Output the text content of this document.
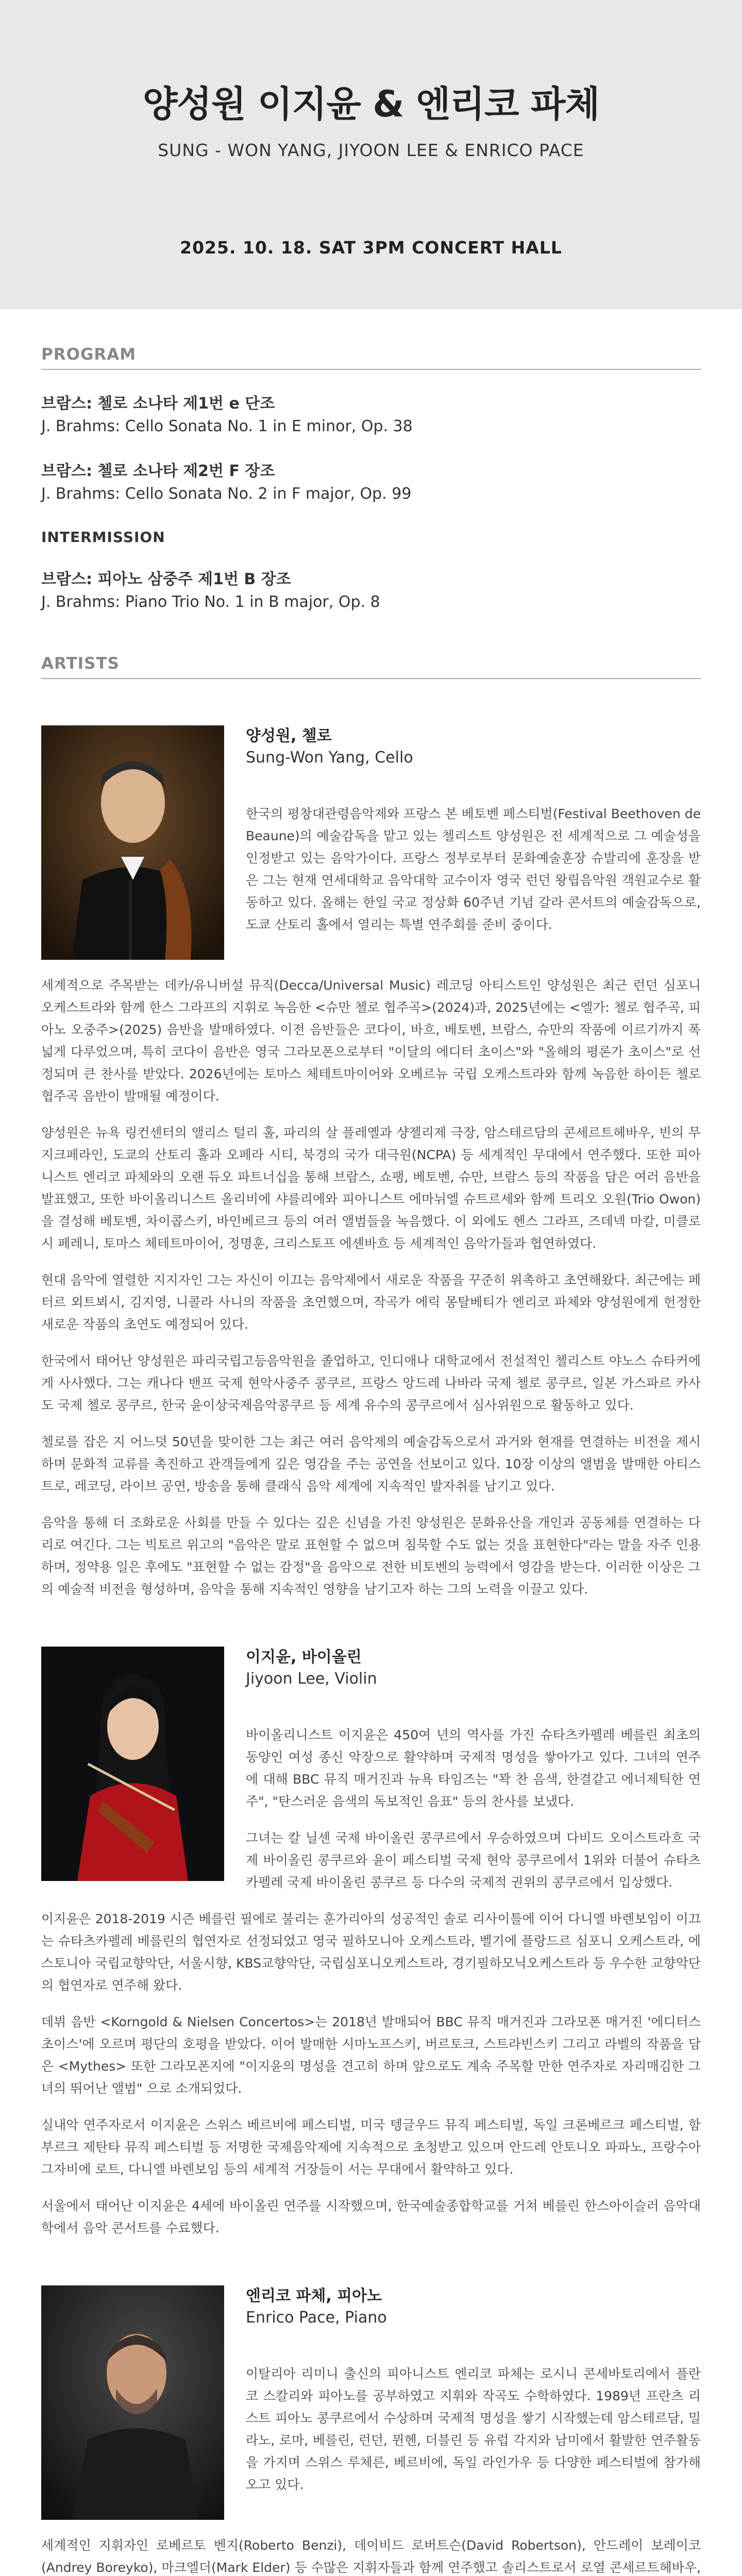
양성원 이지윤 & 엔리코 파체
SUNG - WON YANG, JIYOON LEE & ENRICO PACE
2025. 10. 18. SAT 3PM CONCERT HALL
PROGRAM
브람스: 첼로 소나타 제1번 e 단조
J. Brahms: Cello Sonata No. 1 in E minor, Op. 38
브람스: 첼로 소나타 제2번 F 장조
J. Brahms: Cello Sonata No. 2 in F major, Op. 99
INTERMISSION
브람스: 피아노 삼중주 제1번 B 장조
J. Brahms: Piano Trio No. 1 in B major, Op. 8
ARTISTS
양성원, 첼로
Sung-Won Yang, Cello

한국의 평창대관령음악제와 프랑스 본 베토벤 페스티벌(Festival Beethoven de Beaune)의 예술감독을 맡고 있는 첼리스트 양성원은 전 세계적으로 그 예술성을 인정받고 있는 음악가이다. 프랑스 정부로부터 문화예술훈장 슈발리에 훈장을 받은 그는 현재 연세대학교 음악대학 교수이자 영국 런던 왕립음악원 객원교수로 활동하고 있다. 올해는 한일 국교 정상화 60주년 기념 갈라 콘서트의 예술감독으로, 도쿄 산토리 홀에서 열리는 특별 연주회를 준비 중이다.

세계적으로 주목받는 데카/유니버설 뮤직(Decca/Universal Music) 레코딩 아티스트인 양성원은 최근 런던 심포니 오케스트라와 함께 한스 그라프의 지휘로 녹음한 <슈만 첼로 협주곡>(2024)과, 2025년에는 <엘가: 첼로 협주곡, 피아노 오중주>(2025) 음반을 발매하였다. 이전 음반들은 코다이, 바흐, 베토벤, 브람스, 슈만의 작품에 이르기까지 폭넓게 다루었으며, 특히 코다이 음반은 영국 그라모폰으로부터 "이달의 에디터 초이스"와 "올해의 평론가 초이스"로 선정되며 큰 찬사를 받았다. 2026년에는 토마스 체테트마이어와 오베르뉴 국립 오케스트라와 함께 녹음한 하이든 첼로 협주곡 음반이 발매될 예정이다.

양성원은 뉴욕 링컨센터의 앨리스 털리 홀, 파리의 살 플레옐과 샹젤리제 극장, 암스테르담의 콘세르트헤바우, 빈의 무지크페라인, 도쿄의 산토리 홀과 오페라 시티, 북경의 국가 대극원(NCPA) 등 세계적인 무대에서 연주했다. 또한 피아니스트 엔리코 파체와의 오랜 듀오 파트너십을 통해 브람스, 쇼팽, 베토벤, 슈만, 브람스 등의 작품을 담은 여러 음반을 발표했고, 또한 바이올리니스트 올리비에 샤를리에와 피아니스트 에마뉘엘 슈트르세와 함께 트리오 오원(Trio Owon)을 결성해 베토벤, 차이콥스키, 바인베르크 등의 여러 앨범들을 녹음했다. 이 외에도 헨스 그라프, 즈데넥 마칼, 미클로시 페레니, 토마스 체테트마이어, 정명훈, 크리스토프 에셴바흐 등 세계적인 음악가들과 협연하였다.

현대 음악에 열렬한 지지자인 그는 자신이 이끄는 음악제에서 새로운 작품을 꾸준히 위촉하고 초연해왔다. 최근에는 페터르 외트뵈시, 김지영, 니콜라 사니의 작품을 초연했으며, 작곡가 에릭 몽탈베티가 엔리코 파체와 양성원에게 헌정한 새로운 작품의 초연도 예정되어 있다.

한국에서 태어난 양성원은 파리국립고등음악원을 졸업하고, 인디애나 대학교에서 전설적인 첼리스트 야노스 슈타커에게 사사했다. 그는 캐나다 밴프 국제 현악사중주 콩쿠르, 프랑스 앙드레 나바라 국제 첼로 콩쿠르, 일본 가스파르 카사도 국제 첼로 콩쿠르, 한국 윤이상국제음악콩쿠르 등 세계 유수의 콩쿠르에서 심사위원으로 활동하고 있다.

첼로를 잡은 지 어느덧 50년을 맞이한 그는 최근 여러 음악제의 예술감독으로서 과거와 현재를 연결하는 비전을 제시하며 문화적 교류를 촉진하고 관객들에게 깊은 영감을 주는 공연을 선보이고 있다. 10장 이상의 앨범을 발매한 아티스트로, 레코딩, 라이브 공연, 방송을 통해 클래식 음악 세계에 지속적인 발자취를 남기고 있다.

음악을 통해 더 조화로운 사회를 만들 수 있다는 깊은 신념을 가진 양성원은 문화유산을 개인과 공동체를 연결하는 다리로 여긴다. 그는 빅토르 위고의 "음악은 말로 표현할 수 없으며 침묵할 수도 없는 것을 표현한다"라는 말을 자주 인용하며, 정약용 일은 후에도 "표현할 수 없는 감정"을 음악으로 전한 비토벤의 능력에서 영감을 받는다. 이러한 이상은 그의 예술적 비전을 형성하며, 음악을 통해 지속적인 영향을 남기고자 하는 그의 노력을 이끌고 있다.

이지윤, 바이올린
Jiyoon Lee, Violin

바이올리니스트 이지윤은 450여 년의 역사를 가진 슈타츠카펠레 베를린 최초의 동양인 여성 종신 악장으로 활약하며 국제적 명성을 쌓아가고 있다. 그녀의 연주에 대해 BBC 뮤직 매거진과 뉴욕 타임즈는 "꽉 찬 음색, 한결같고 에너제틱한 연주", "탄스러운 음색의 독보적인 음표" 등의 찬사를 보냈다.

그녀는 칼 닐센 국제 바이올린 콩쿠르에서 우승하였으며 다비드 오이스트라흐 국제 바이올린 콩쿠르와 윤이 페스티벌 국제 현악 콩쿠르에서 1위와 더불어 슈타츠카펠레 국제 바이올린 콩쿠르 등 다수의 국제적 권위의 콩쿠르에서 입상했다.

이지윤은 2018-2019 시즌 베를린 필에로 불리는 훈가리아의 성공적인 솔로 리사이틀에 이어 다니엘 바렌보임이 이끄는 슈타츠카펠레 베를린의 협연자로 선정되었고 영국 필하모니아 오케스트라, 벨기에 플랑드르 심포니 오케스트라, 에스토니아 국립교향악단, 서울시향, KBS교향악단, 국립심포니오케스트라, 경기필하모닉오케스트라 등 우수한 교향악단의 협연자로 연주해 왔다.

데뷔 음반 <Korngold & Nielsen Concertos>는 2018년 발매되어 BBC 뮤직 매거진과 그라모폰 매거진 '에디터스 초이스'에 오르며 평단의 호평을 받았다. 이어 발매한 시마노프스키, 버르토크, 스트라빈스키 그리고 라벨의 작품을 담은 <Mythes> 또한 그라모폰지에 "이지윤의 명성을 견고히 하며 앞으로도 계속 주목할 만한 연주자로 자리매김한 그녀의 뛰어난 앨범" 으로 소개되었다.

실내악 연주자로서 이지윤은 스위스 베르비에 페스티벌, 미국 텡글우드 뮤직 페스티벌, 독일 크론베르크 페스티벌, 함부르크 제탄타 뮤직 페스티벌 등 저명한 국제음악제에 지속적으로 초청받고 있으며 안드레 안토니오 파파노, 프랑수아그자비에 로트, 다니엘 바렌보임 등의 세계적 거장들이 서는 무대에서 활약하고 있다.

서울에서 태어난 이지윤은 4세에 바이올린 연주를 시작했으며, 한국예술종합학교를 거쳐 베를린 한스아이슬러 음악대학에서 음악 콘서트를 수료했다.

엔리코 파체, 피아노
Enrico Pace, Piano

이탈리아 리미니 출신의 피아니스트 엔리코 파체는 로시니 콘세바토리에서 플란코 스칼리와 피아노를 공부하였고 지휘와 작곡도 수학하였다. 1989년 프란츠 리스트 피아노 콩쿠르에서 수상하며 국제적 명성을 쌓기 시작했는데 암스테르담, 밀라노, 로마, 베를린, 런던, 뮌헨, 더블린 등 유럽 각지와 남미에서 활발한 연주활동을 가지며 스위스 루체른, 베르비에, 독일 라인가우 등 다양한 페스티벌에 참가해오고 있다.

세계적인 지휘자인 로베르토 벤지(Roberto Benzi), 데이비드 로버트슨(David Robertson), 안드레이 보레이코(Andrey Boreyko), 마크엘더(Mark Elder) 등 수많은 지휘자들과 함께 연주했고 솔리스트로서 로열 콘세르트헤바우,
